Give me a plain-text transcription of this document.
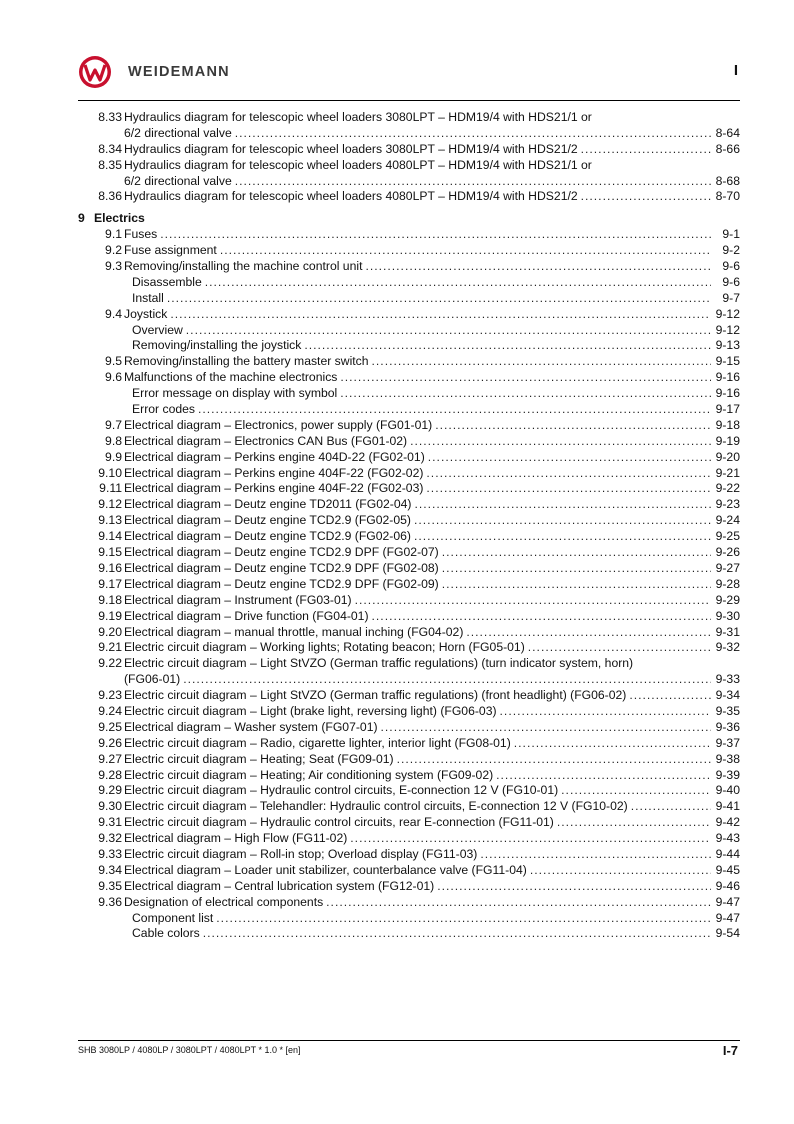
WEIDEMANN	I
8.33 Hydraulics diagram for telescopic wheel loaders 3080LPT – HDM19/4 with HDS21/1 or
6/2 directional valve .....	8-64
8.34 Hydraulics diagram for telescopic wheel loaders 3080LPT – HDM19/4 with HDS21/2 .....	8-66
8.35 Hydraulics diagram for telescopic wheel loaders 4080LPT – HDM19/4 with HDS21/1 or
6/2 directional valve .....	8-68
8.36 Hydraulics diagram for telescopic wheel loaders 4080LPT – HDM19/4 with HDS21/2 .....	8-70
9 Electrics
9.1 Fuses .....	9-1
9.2 Fuse assignment .....	9-2
9.3 Removing/installing the machine control unit .....	9-6
Disassemble .....	9-6
Install .....	9-7
9.4 Joystick .....	9-12
Overview .....	9-12
Removing/installing the joystick .....	9-13
9.5 Removing/installing the battery master switch .....	9-15
9.6 Malfunctions of the machine electronics .....	9-16
Error message on display with symbol .....	9-16
Error codes .....	9-17
9.7 Electrical diagram – Electronics, power supply (FG01-01) .....	9-18
9.8 Electrical diagram – Electronics CAN Bus (FG01-02) .....	9-19
9.9 Electrical diagram – Perkins engine 404D-22 (FG02-01) .....	9-20
9.10 Electrical diagram – Perkins engine 404F-22 (FG02-02) .....	9-21
9.11 Electrical diagram – Perkins engine 404F-22 (FG02-03) .....	9-22
9.12 Electrical diagram – Deutz engine TD2011 (FG02-04) .....	9-23
9.13 Electrical diagram – Deutz engine TCD2.9 (FG02-05) .....	9-24
9.14 Electrical diagram – Deutz engine TCD2.9 (FG02-06) .....	9-25
9.15 Electrical diagram – Deutz engine TCD2.9 DPF (FG02-07) .....	9-26
9.16 Electrical diagram – Deutz engine TCD2.9 DPF (FG02-08) .....	9-27
9.17 Electrical diagram – Deutz engine TCD2.9 DPF (FG02-09) .....	9-28
9.18 Electrical diagram – Instrument (FG03-01) .....	9-29
9.19 Electrical diagram – Drive function (FG04-01) .....	9-30
9.20 Electrical diagram – manual throttle, manual inching (FG04-02) .....	9-31
9.21 Electric circuit diagram – Working lights; Rotating beacon; Horn (FG05-01) .....	9-32
9.22 Electric circuit diagram – Light StVZO (German traffic regulations) (turn indicator system, horn)
(FG06-01) .....	9-33
9.23 Electric circuit diagram – Light StVZO (German traffic regulations) (front headlight) (FG06-02) .....	9-34
9.24 Electric circuit diagram – Light (brake light, reversing light) (FG06-03) .....	9-35
9.25 Electrical diagram – Washer system (FG07-01) .....	9-36
9.26 Electric circuit diagram – Radio, cigarette lighter, interior light (FG08-01) .....	9-37
9.27 Electric circuit diagram – Heating; Seat (FG09-01) .....	9-38
9.28 Electric circuit diagram – Heating; Air conditioning system (FG09-02) .....	9-39
9.29 Electric circuit diagram – Hydraulic control circuits, E-connection 12 V (FG10-01) .....	9-40
9.30 Electric circuit diagram – Telehandler: Hydraulic control circuits, E-connection 12 V (FG10-02) .....	9-41
9.31 Electric circuit diagram – Hydraulic control circuits, rear E-connection (FG11-01) .....	9-42
9.32 Electrical diagram – High Flow (FG11-02) .....	9-43
9.33 Electric circuit diagram – Roll-in stop; Overload display (FG11-03) .....	9-44
9.34 Electrical diagram – Loader unit stabilizer, counterbalance valve (FG11-04) .....	9-45
9.35 Electrical diagram – Central lubrication system (FG12-01) .....	9-46
9.36 Designation of electrical components .....	9-47
Component list .....	9-47
Cable colors .....	9-54
SHB 3080LP / 4080LP / 3080LPT / 4080LPT * 1.0 * [en]	I-7
